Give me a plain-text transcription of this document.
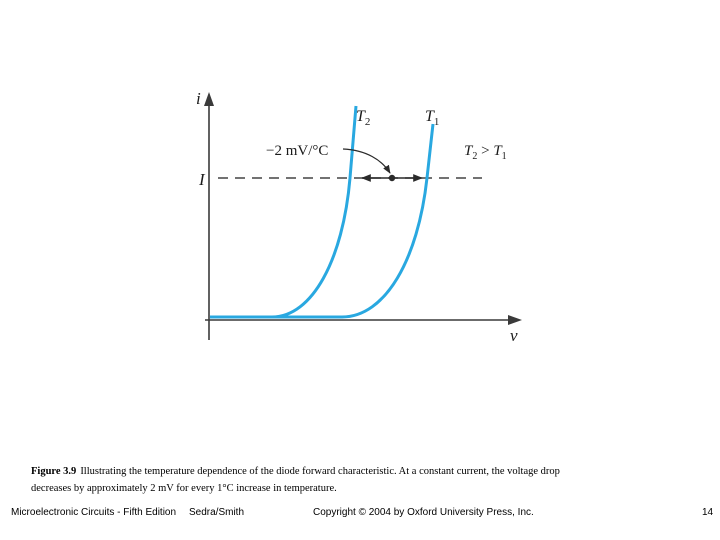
i
v
I
$T_2$	$T_1$
−2 mV/°C	$T_2 > T_1$
Figure 3.9 Illustrating the temperature dependence of the diode forward characteristic. At a constant current, the voltage drop decreases by approximately 2 mV for every 1°C increase in temperature.
Microelectronic Circuits - Fifth Edition Sedra/Smith	Copyright © 2004 by Oxford University Press, Inc.	14
